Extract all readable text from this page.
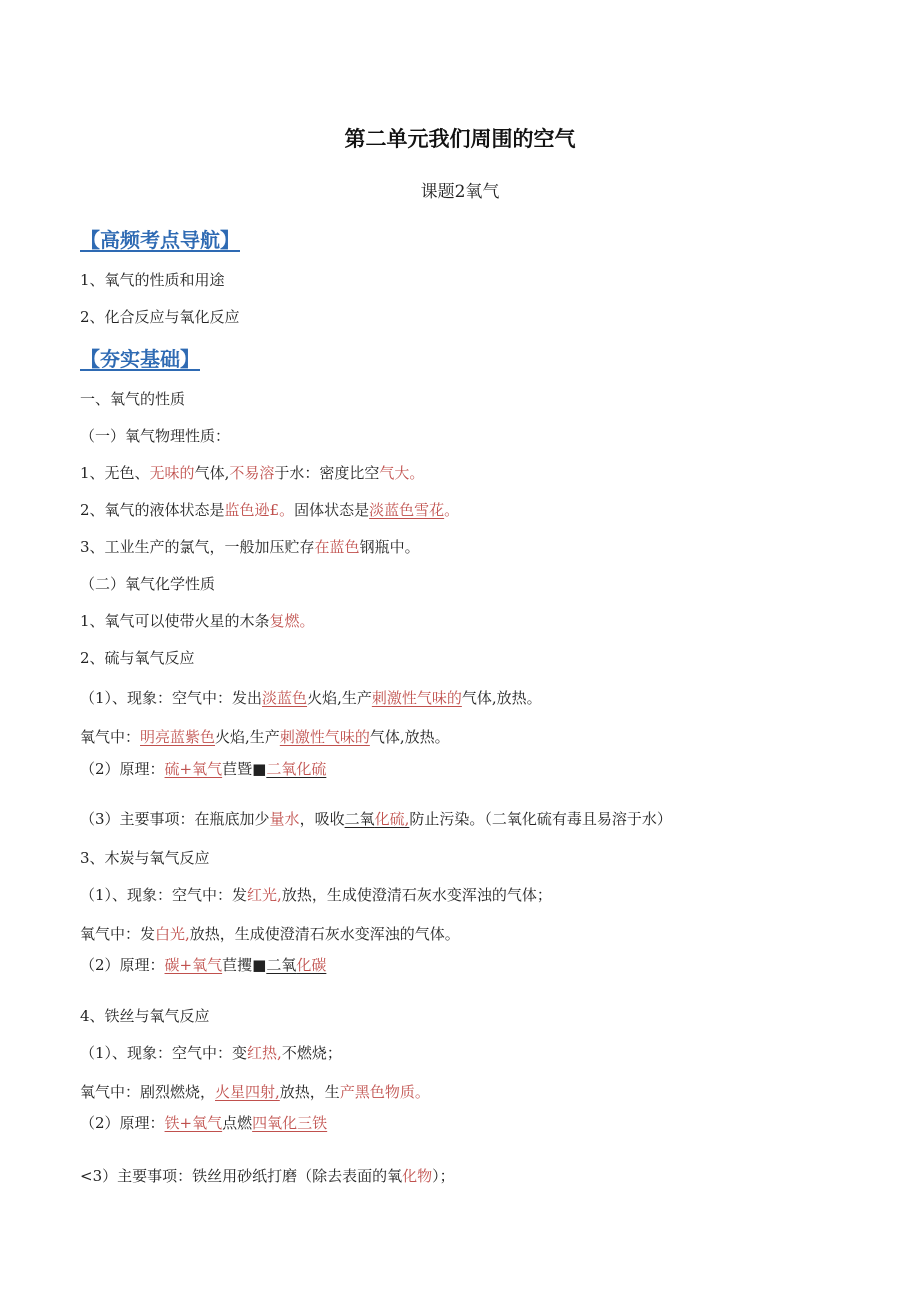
第二单元我们周围的空气
课题2氧气
【高频考点导航】
1、氧气的性质和用途
2、化合反应与氧化反应
【夯实基础】
一、氧气的性质
（一）氧气物理性质：
1、无色、无味的气体,不易溶于水：密度比空气大。
2、氧气的液体状态是监色逊£。固体状态是淡蓝色雪花。
3、工业生产的氯气，一般加压贮存在蓝色钢瓶中。
（二）氧气化学性质
1、氧气可以使带火星的木条复燃。
2、硫与氧气反应
（1）、现象：空气中：发出淡蓝色火焰,生产刺激性气味的气体,放热。
氧气中：明亮蓝紫色火焰,生产刺激性气味的气体,放热。
（2）原理：硫+氧气苣暨■二氧化硫
（3）主要事项：在瓶底加少量水，吸收二氧化硫,防止污染。（二氧化硫有毒且易溶于水）
3、木炭与氧气反应
（1）、现象：空气中：发红光,放热，生成使澄清石灰水变浑浊的气体；
氧气中：发白光,放热，生成使澄清石灰水变浑浊的气体。
（2）原理：碳+氧气苣攫■二氧化碳
4、铁丝与氧气反应
（1）、现象：空气中：变红热,不燃烧；
氧气中：剧烈燃烧，火星四射,放热，生产黑色物质。
（2）原理：铁+氧气点燃四氧化三铁
<3）主要事项：铁丝用砂纸打磨（除去表面的氧化物）；
